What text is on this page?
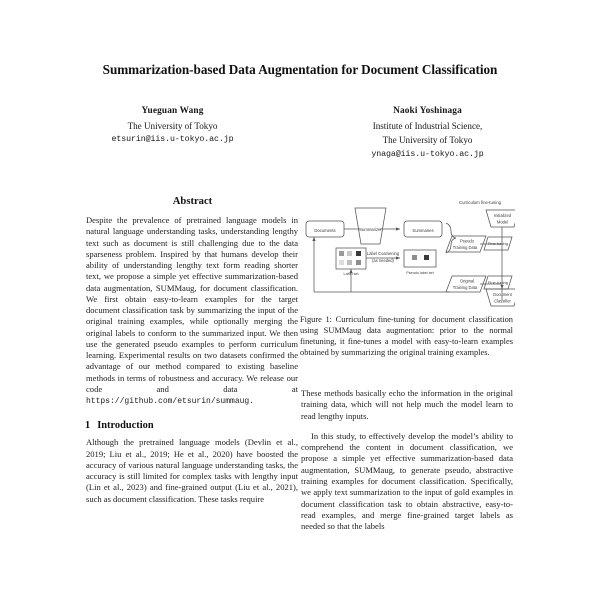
Summarization-based Data Augmentation for Document Classification
Yueguan Wang
The University of Tokyo
etsurin@iis.u-tokyo.ac.jp
Naoki Yoshinaga
Institute of Industrial Science,
The University of Tokyo
ynaga@iis.u-tokyo.ac.jp
Abstract

Despite the prevalence of pretrained language models in natural language understanding tasks, understanding lengthy text such as document is still challenging due to the data sparseness problem. Inspired by that humans develop their ability of understanding lengthy text form reading shorter text, we propose a simple yet effective summarization-based data augmentation, SUMMaug, for document classification. We first obtain easy-to-learn examples for the target document classification task by summarizing the input of the original training examples, while optionally merging the original labels to conform to the summarized input. We then use the generated pseudo examples to perform curriculum learning. Experimental results on two datasets confirmed the advantage of our method compared to existing baseline methods in terms of robustness and accuracy. We release our code and data at https://github.com/etsurin/summaug.

1 Introduction

Although the pretrained language models (Devlin et al., 2019; Liu et al., 2019; He et al., 2020) have boosted the accuracy of various natural language understanding tasks, the accuracy is still limited for complex tasks with lengthy input (Lin et al., 2023) and fine-grained output (Liu et al., 2021), such as document classification. These tasks require

Documents	Summarizer	Summaries
Label set	Pseudo label set
Label Coarsening
(as needed)
Pseudo
Training Data
Original
Training Data
Fine-tuning
Fine-tuning
Initialized
Model
Document
Classifier
Curriculum fine-tuning

Figure 1: Curriculum fine-tuning for document classification using SUMMaug data augmentation: prior to the normal finetuning, it fine-tunes a model with easy-to-learn examples obtained by summarizing the original training examples.

These methods basically echo the information in the original training data, which will not help much the model learn to read lengthy inputs.

In this study, to effectively develop the model’s ability to comprehend the content in document classification, we propose a simple yet effective summarization-based data augmentation, SUMMaug, to generate pseudo, abstractive training examples for document classification. Specifically, we apply text summarization to the input of gold examples in document classification task to obtain abstractive, easy-to-read examples, and merge fine-grained target labels as needed so that the labels
